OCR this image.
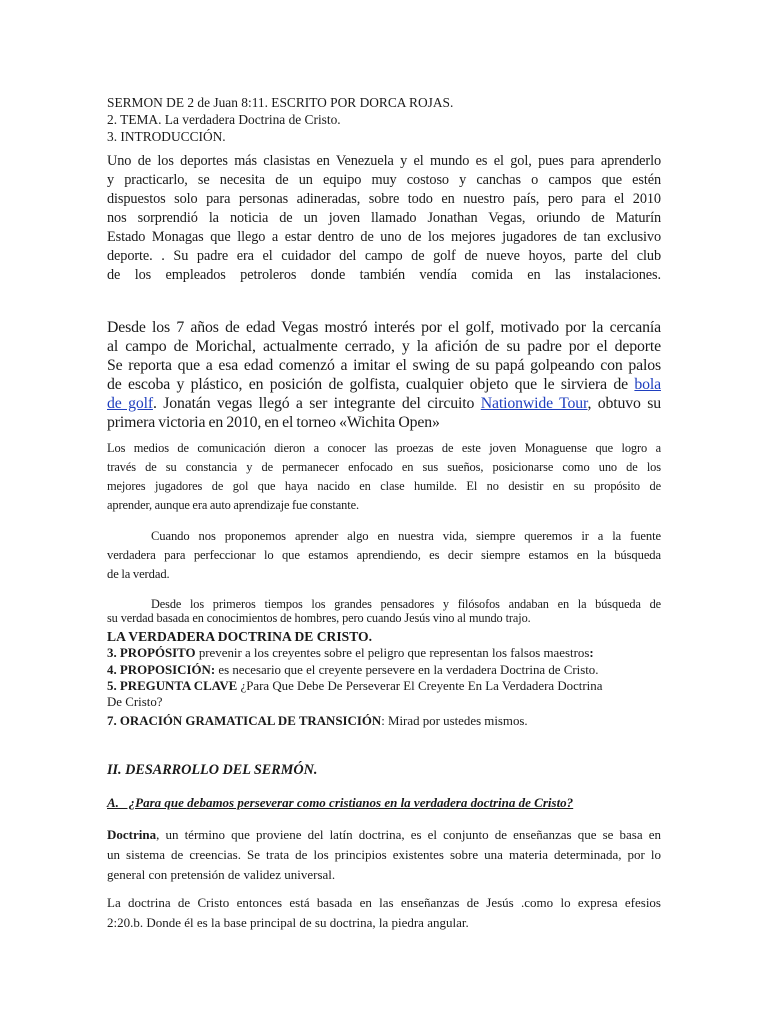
SERMON DE 2 de Juan 8:11. ESCRITO POR DORCA ROJAS.
2. TEMA. La verdadera Doctrina de Cristo.
3. INTRODUCCIÓN.
Uno de los deportes más clasistas en Venezuela y el mundo es el gol, pues para aprenderlo
y practicarlo, se necesita de un equipo muy costoso y canchas o campos que estén
dispuestos solo para personas adineradas, sobre todo en nuestro país, pero para el 2010
nos sorprendió la noticia de un joven llamado Jonathan Vegas, oriundo de Maturín
Estado Monagas que llego a estar dentro de uno de los mejores jugadores de tan exclusivo
deporte. . Su padre era el cuidador del campo de golf de nueve hoyos, parte del club
de los empleados petroleros donde también vendía comida en las instalaciones.
Desde los 7 años de edad Vegas mostró interés por el golf, motivado por la cercanía
al campo de Morichal, actualmente cerrado, y la afición de su padre por el deporte
Se reporta que a esa edad comenzó a imitar el swing de su papá golpeando con palos
de escoba y plástico, en posición de golfista, cualquier objeto que le sirviera de bola
de golf. Jonatán vegas llegó a ser integrante del circuito Nationwide Tour, obtuvo su
primera victoria en 2010, en el torneo «Wichita Open»
Los medios de comunicación dieron a conocer las proezas de este joven Monaguense que logro a
través de su constancia y de permanecer enfocado en sus sueños, posicionarse como uno de los
mejores jugadores de gol que haya nacido en clase humilde. El no desistir en su propósito de
aprender, aunque era auto aprendizaje fue constante.
Cuando nos proponemos aprender algo en nuestra vida, siempre queremos ir a la fuente
verdadera para perfeccionar lo que estamos aprendiendo, es decir siempre estamos en la búsqueda
de la verdad.
Desde los primeros tiempos los grandes pensadores y filósofos andaban en la búsqueda de
su verdad basada en conocimientos de hombres, pero cuando Jesús vino al mundo trajo.
LA VERDADERA DOCTRINA DE CRISTO.
3. PROPÓSITO prevenir a los creyentes sobre el peligro que representan los falsos maestros:
4. PROPOSICIÓN: es necesario que el creyente persevere en la verdadera Doctrina de Cristo.
5. PREGUNTA CLAVE ¿Para Que Debe De Perseverar El Creyente En La Verdadera Doctrina
De Cristo?
7. ORACIÓN GRAMATICAL DE TRANSICIÓN: Mirad por ustedes mismos.
II. DESARROLLO DEL SERMÓN.
A._ ¿Para que debamos perseverar como cristianos en la verdadera doctrina de Cristo?
Doctrina, un término que proviene del latín doctrina, es el conjunto de enseñanzas que se basa en
un sistema de creencias. Se trata de los principios existentes sobre una materia determinada, por lo
general con pretensión de validez universal.
La doctrina de Cristo entonces está basada en las enseñanzas de Jesús .como lo expresa efesios
2:20.b. Donde él es la base principal de su doctrina, la piedra angular.
